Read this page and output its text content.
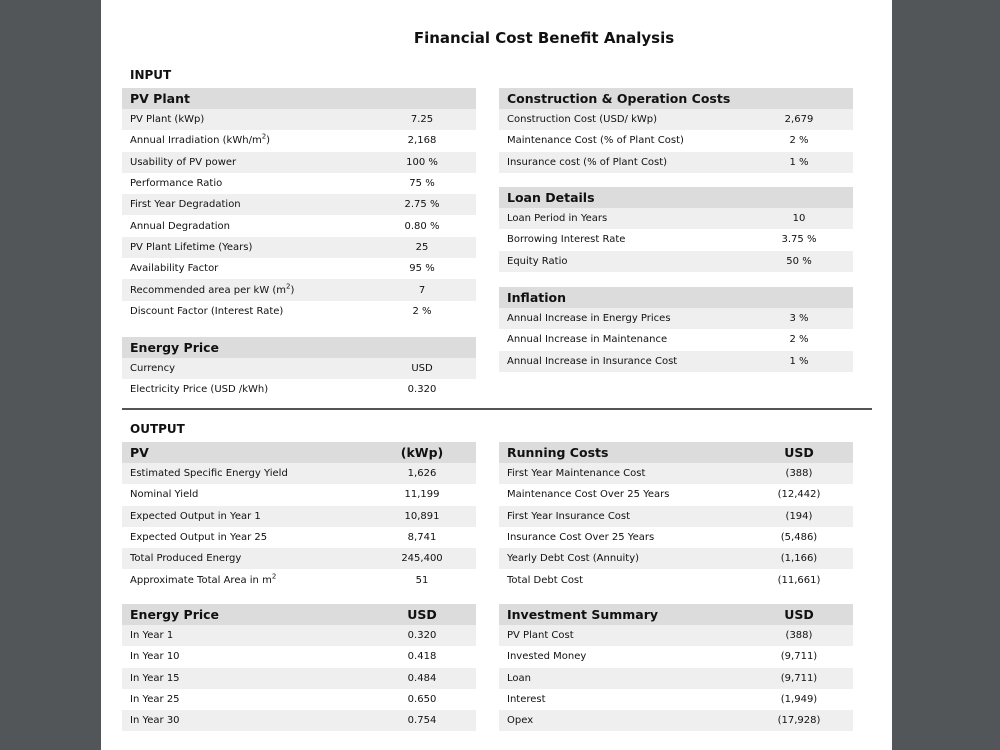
Financial Cost Benefit Analysis
INPUT
PV Plant
PV Plant (kWp)	7.25
Annual Irradiation $(kWh/m^2)$	2,168
Usability of PV power	100 %
Performance Ratio	75 %
First Year Degradation	2.75 %
Annual Degradation	0.80 %
PV Plant Lifetime (Years)	25
Availability Factor	95 %
Recommended area per kW $(m^2)$	7
Discount Factor (Interest Rate)	2 %
Energy Price
Currency	USD
Electricity Price (USD /kWh)	0.320
Construction & Operation Costs
Construction Cost (USD/ kWp)	2,679
Maintenance Cost (% of Plant Cost)	2 %
Insurance cost (% of Plant Cost)	1 %
Loan Details
Loan Period in Years	10
Borrowing Interest Rate	3.75 %
Equity Ratio	50 %
Inflation
Annual Increase in Energy Prices	3 %
Annual Increase in Maintenance	2 %
Annual Increase in Insurance Cost	1 %
OUTPUT
PV	(kWp)
Estimated Specific Energy Yield	1,626
Nominal Yield	11,199
Expected Output in Year 1	10,891
Expected Output in Year 25	8,741
Total Produced Energy	245,400
Approximate Total Area in $m^2$	51
Running Costs	USD
First Year Maintenance Cost	(388)
Maintenance Cost Over 25 Years	(12,442)
First Year Insurance Cost	(194)
Insurance Cost Over 25 Years	(5,486)
Yearly Debt Cost (Annuity)	(1,166)
Total Debt Cost	(11,661)
Energy Price	USD
In Year 1	0.320
In Year 10	0.418
In Year 15	0.484
In Year 25	0.650
In Year 30	0.754
Investment Summary	USD
PV Plant Cost	(388)
Invested Money	(9,711)
Loan	(9,711)
Interest	(1,949)
Opex	(17,928)
